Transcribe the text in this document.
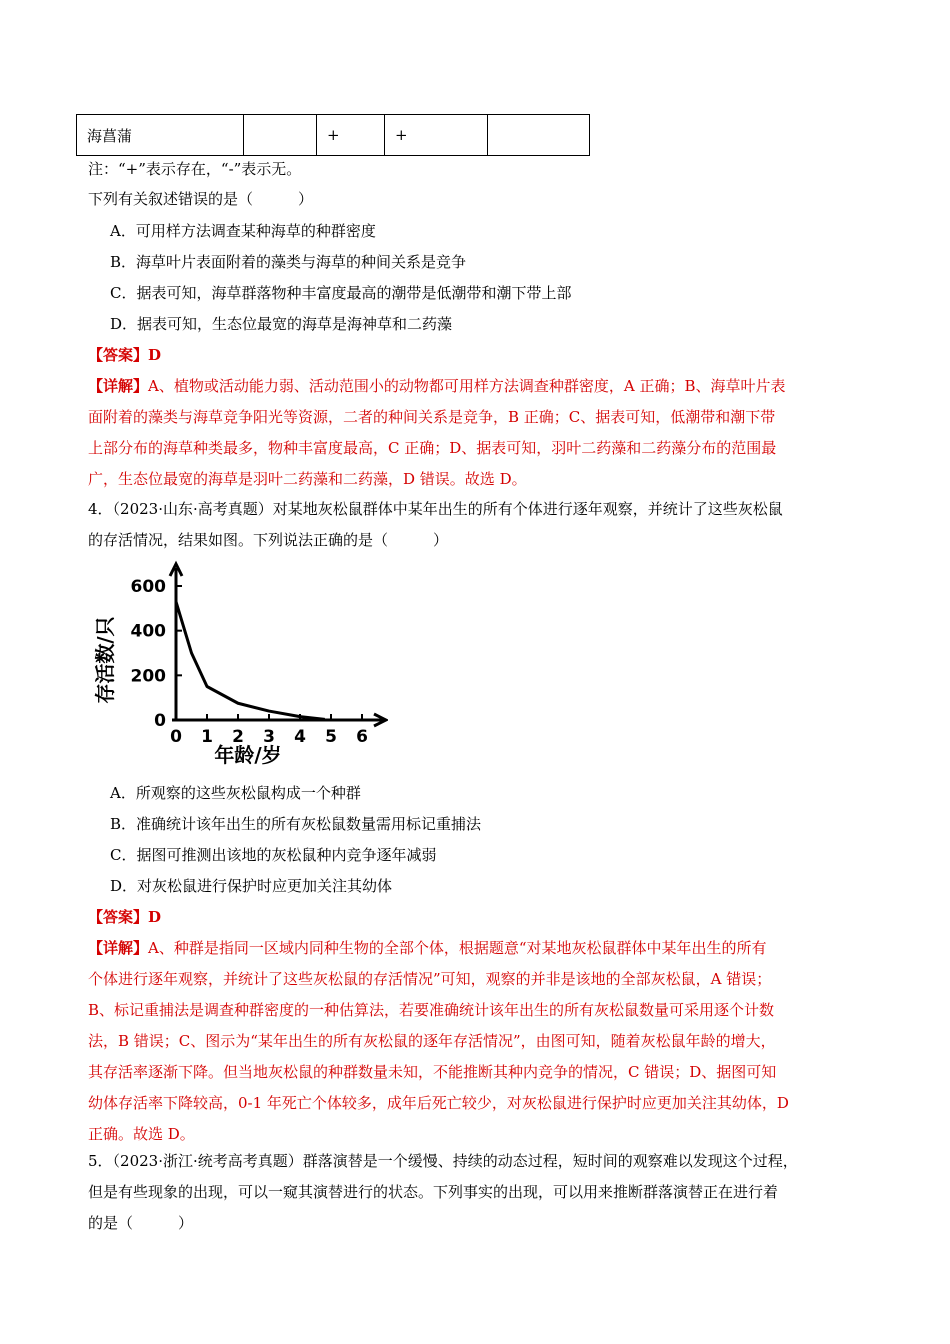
海菖蒲		+	+	
注：“+”表示存在，“-”表示无。
下列有关叙述错误的是（　　　）
A．可用样方法调查某种海草的种群密度
B．海草叶片表面附着的藻类与海草的种间关系是竞争
C．据表可知，海草群落物种丰富度最高的潮带是低潮带和潮下带上部
D．据表可知，生态位最宽的海草是海神草和二药藻
【答案】D
【详解】A、植物或活动能力弱、活动范围小的动物都可用样方法调查种群密度，A 正确；B、海草叶片表
面附着的藻类与海草竞争阳光等资源，二者的种间关系是竞争，B 正确；C、据表可知，低潮带和潮下带
上部分布的海草种类最多，物种丰富度最高，C 正确；D、据表可知，羽叶二药藻和二药藻分布的范围最
广，生态位最宽的海草是羽叶二药藻和二药藻，D 错误。故选 D。
4．（2023·山东·高考真题）对某地灰松鼠群体中某年出生的所有个体进行逐年观察，并统计了这些灰松鼠
的存活情况，结果如图。下列说法正确的是（　　　）
0 1 2 3 4 5 6
0
200
400
600
年龄/岁
存活数/只
A．所观察的这些灰松鼠构成一个种群
B．准确统计该年出生的所有灰松鼠数量需用标记重捕法
C．据图可推测出该地的灰松鼠种内竞争逐年减弱
D．对灰松鼠进行保护时应更加关注其幼体
【答案】D
【详解】A、种群是指同一区域内同种生物的全部个体，根据题意“对某地灰松鼠群体中某年出生的所有
个体进行逐年观察，并统计了这些灰松鼠的存活情况”可知，观察的并非是该地的全部灰松鼠，A 错误；
B、标记重捕法是调查种群密度的一种估算法，若要准确统计该年出生的所有灰松鼠数量可采用逐个计数
法，B 错误；C、图示为“某年出生的所有灰松鼠的逐年存活情况”，由图可知，随着灰松鼠年龄的增大，
其存活率逐渐下降。但当地灰松鼠的种群数量未知，不能推断其种内竞争的情况，C 错误；D、据图可知
幼体存活率下降较高，0-1 年死亡个体较多，成年后死亡较少，对灰松鼠进行保护时应更加关注其幼体，D
正确。故选 D。
5．（2023·浙江·统考高考真题）群落演替是一个缓慢、持续的动态过程，短时间的观察难以发现这个过程，
但是有些现象的出现，可以一窥其演替进行的状态。下列事实的出现，可以用来推断群落演替正在进行着
的是（　　　）
